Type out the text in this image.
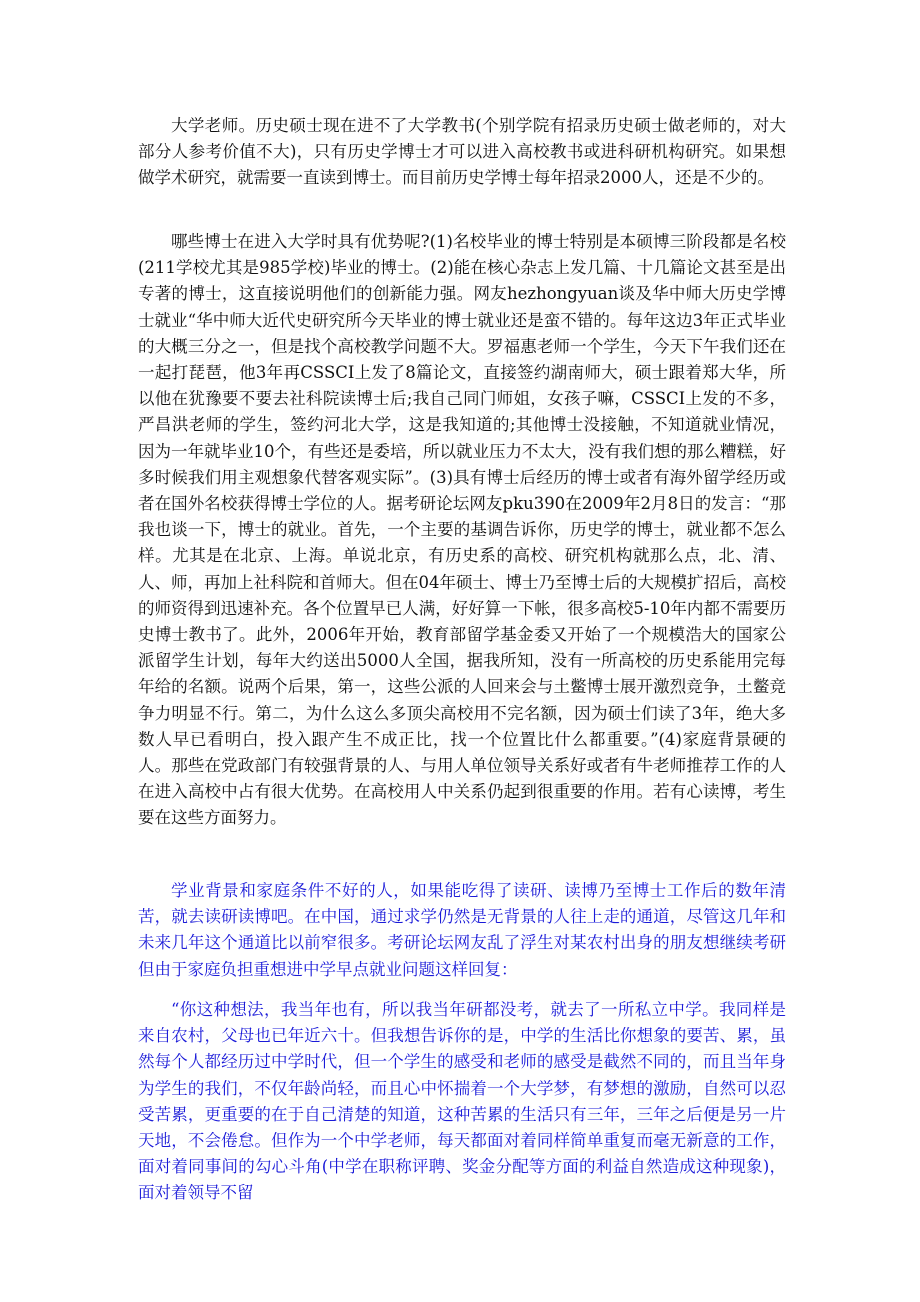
大学老师。历史硕士现在进不了大学教书(个别学院有招录历史硕士做老师的，对大部分人参考价值不大)，只有历史学博士才可以进入高校教书或进科研机构研究。如果想做学术研究，就需要一直读到博士。而目前历史学博士每年招录2000人，还是不少的。

哪些博士在进入大学时具有优势呢?(1)名校毕业的博士特别是本硕博三阶段都是名校(211学校尤其是985学校)毕业的博士。(2)能在核心杂志上发几篇、十几篇论文甚至是出专著的博士，这直接说明他们的创新能力强。网友hezhongyuan谈及华中师大历史学博士就业“华中师大近代史研究所今天毕业的博士就业还是蛮不错的。每年这边3年正式毕业的大概三分之一，但是找个高校教学问题不大。罗福惠老师一个学生，今天下午我们还在一起打琵琶，他3年再CSSCI上发了8篇论文，直接签约湖南师大，硕士跟着郑大华，所以他在犹豫要不要去社科院读博士后;我自己同门师姐，女孩子嘛，CSSCI上发的不多，严昌洪老师的学生，签约河北大学，这是我知道的;其他博士没接触，不知道就业情况，因为一年就毕业10个，有些还是委培，所以就业压力不太大，没有我们想的那么糟糕，好多时候我们用主观想象代替客观实际”。(3)具有博士后经历的博士或者有海外留学经历或者在国外名校获得博士学位的人。据考研论坛网友pku390在2009年2月8日的发言：“那我也谈一下，博士的就业。首先，一个主要的基调告诉你，历史学的博士，就业都不怎么样。尤其是在北京、上海。单说北京，有历史系的高校、研究机构就那么点，北、清、人、师，再加上社科院和首师大。但在04年硕士、博士乃至博士后的大规模扩招后，高校的师资得到迅速补充。各个位置早已人满，好好算一下帐，很多高校5-10年内都不需要历史博士教书了。此外，2006年开始，教育部留学基金委又开始了一个规模浩大的国家公派留学生计划，每年大约送出5000人全国，据我所知，没有一所高校的历史系能用完每年给的名额。说两个后果，第一，这些公派的人回来会与土鳖博士展开激烈竞争，土鳖竞争力明显不行。第二，为什么这么多顶尖高校用不完名额，因为硕士们读了3年，绝大多数人早已看明白，投入跟产生不成正比，找一个位置比什么都重要。”(4)家庭背景硬的人。那些在党政部门有较强背景的人、与用人单位领导关系好或者有牛老师推荐工作的人在进入高校中占有很大优势。在高校用人中关系仍起到很重要的作用。若有心读博，考生要在这些方面努力。

学业背景和家庭条件不好的人，如果能吃得了读研、读博乃至博士工作后的数年清苦，就去读研读博吧。在中国，通过求学仍然是无背景的人往上走的通道，尽管这几年和未来几年这个通道比以前窄很多。考研论坛网友乱了浮生对某农村出身的朋友想继续考研但由于家庭负担重想进中学早点就业问题这样回复：

“你这种想法，我当年也有，所以我当年研都没考，就去了一所私立中学。我同样是来自农村，父母也已年近六十。但我想告诉你的是，中学的生活比你想象的要苦、累，虽然每个人都经历过中学时代，但一个学生的感受和老师的感受是截然不同的，而且当年身为学生的我们，不仅年龄尚轻，而且心中怀揣着一个大学梦，有梦想的激励，自然可以忍受苦累，更重要的在于自己清楚的知道，这种苦累的生活只有三年，三年之后便是另一片天地，不会倦怠。但作为一个中学老师，每天都面对着同样简单重复而毫无新意的工作，面对着同事间的勾心斗角(中学在职称评聘、奖金分配等方面的利益自然造成这种现象)，面对着领导不留
